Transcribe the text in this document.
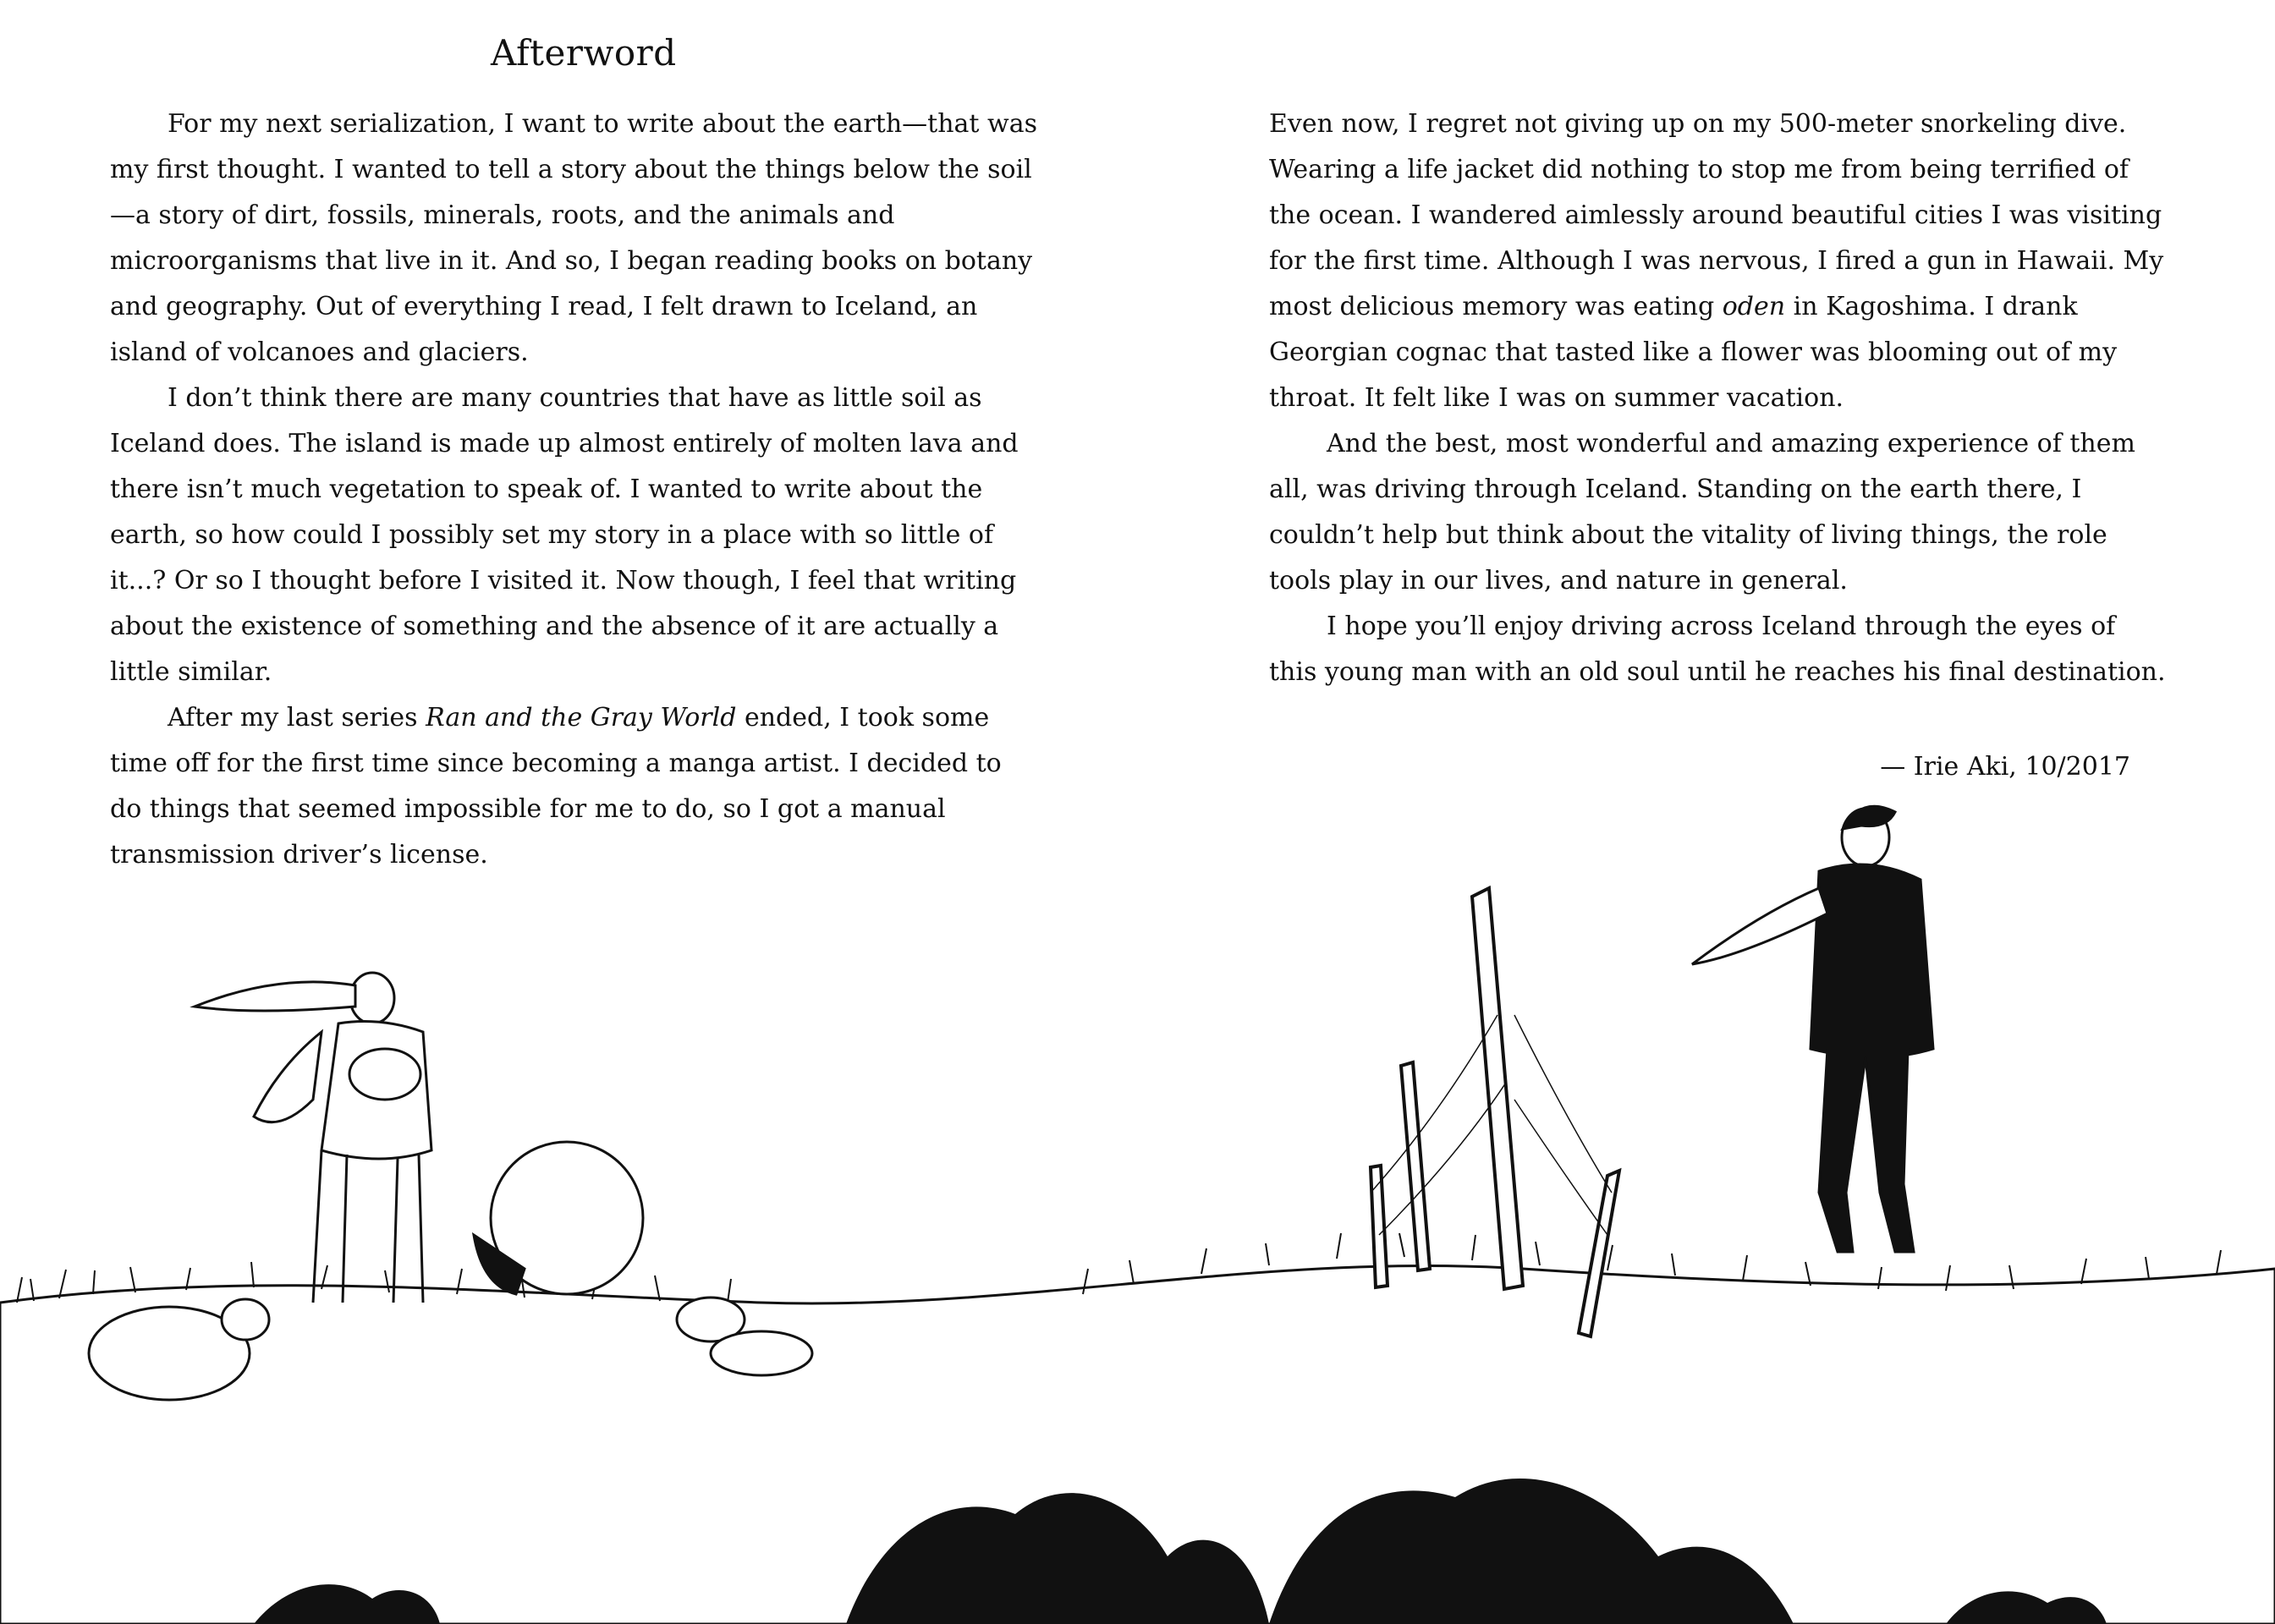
Afterword

For my next serialization, I want to write about the earth—that was my first thought. I wanted to tell a story about the things below the soil—a story of dirt, fossils, minerals, roots, and the animals and microorganisms that live in it. And so, I began reading books on botany and geography. Out of everything I read, I felt drawn to Iceland, an island of volcanoes and glaciers.

I don’t think there are many countries that have as little soil as Iceland does. The island is made up almost entirely of molten lava and there isn’t much vegetation to speak of. I wanted to write about the earth, so how could I possibly set my story in a place with so little of it...? Or so I thought before I visited it. Now though, I feel that writing about the existence of something and the absence of it are actually a little similar.

After my last series Ran and the Gray World ended, I took some time off for the first time since becoming a manga artist. I decided to do things that seemed impossible for me to do, so I got a manual transmission driver’s license.

Even now, I regret not giving up on my 500-meter snorkeling dive. Wearing a life jacket did nothing to stop me from being terrified of the ocean. I wandered aimlessly around beautiful cities I was visiting for the first time. Although I was nervous, I fired a gun in Hawaii. My most delicious memory was eating oden in Kagoshima. I drank Georgian cognac that tasted like a flower was blooming out of my throat. It felt like I was on summer vacation.

And the best, most wonderful and amazing experience of them all, was driving through Iceland. Standing on the earth there, I couldn’t help but think about the vitality of living things, the role tools play in our lives, and nature in general.

I hope you’ll enjoy driving across Iceland through the eyes of this young man with an old soul until he reaches his final destination.

— Irie Aki, 10/2017
